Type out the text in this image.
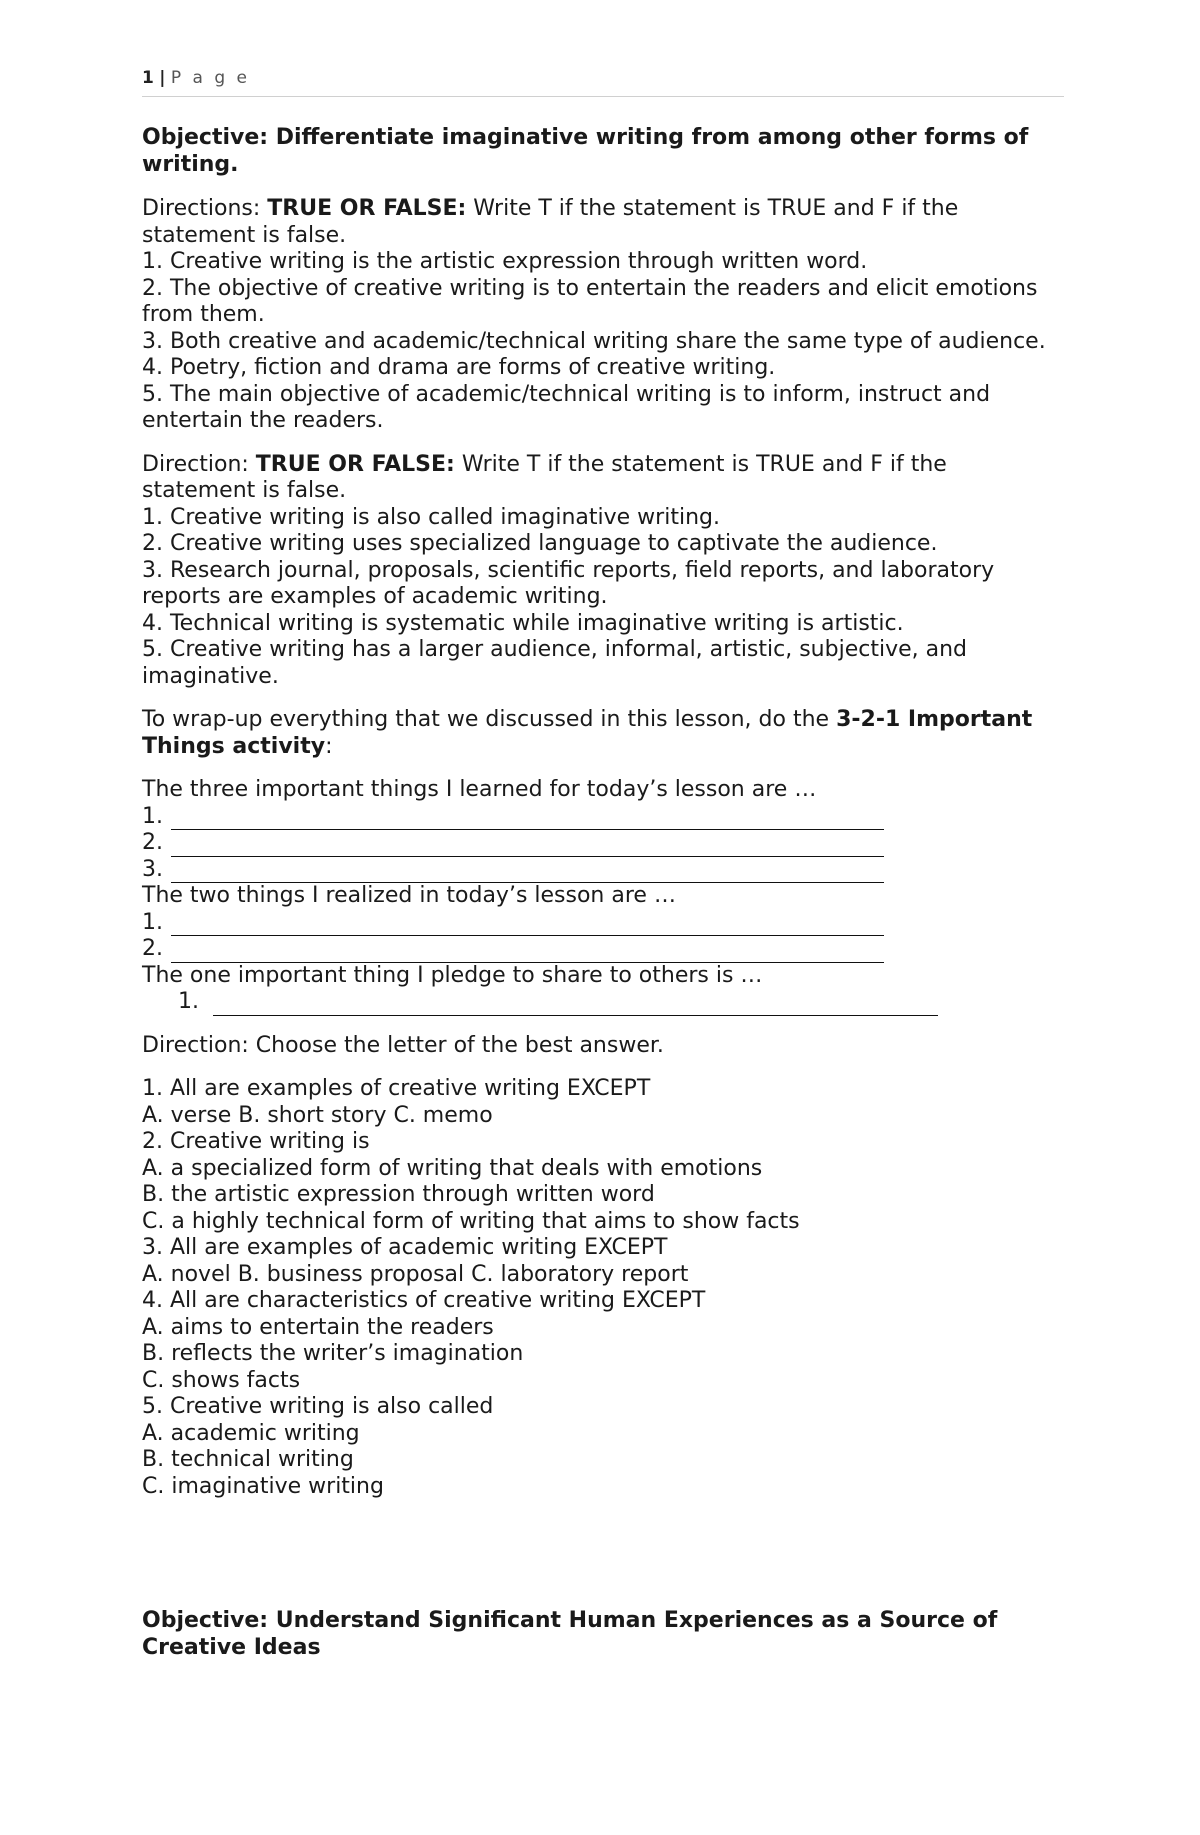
1 | P a g e
Objective: Differentiate imaginative writing from among other forms of writing.
Directions: TRUE OR FALSE: Write T if the statement is TRUE and F if the statement is false.
1. Creative writing is the artistic expression through written word.
2. The objective of creative writing is to entertain the readers and elicit emotions from them.
3. Both creative and academic/technical writing share the same type of audience.
4. Poetry, fiction and drama are forms of creative writing.
5. The main objective of academic/technical writing is to inform, instruct and entertain the readers.
Direction: TRUE OR FALSE: Write T if the statement is TRUE and F if the statement is false.
1. Creative writing is also called imaginative writing.
2. Creative writing uses specialized language to captivate the audience.
3. Research journal, proposals, scientific reports, field reports, and laboratory reports are examples of academic writing.
4. Technical writing is systematic while imaginative writing is artistic.
5. Creative writing has a larger audience, informal, artistic, subjective, and imaginative.
To wrap-up everything that we discussed in this lesson, do the 3-2-1 Important Things activity:
The three important things I learned for today’s lesson are …
1.
2.
3.
The two things I realized in today’s lesson are …
1.
2.
The one important thing I pledge to share to others is …
1.
Direction: Choose the letter of the best answer.
1. All are examples of creative writing EXCEPT
A. verse B. short story C. memo
2. Creative writing is
A. a specialized form of writing that deals with emotions
B. the artistic expression through written word
C. a highly technical form of writing that aims to show facts
3. All are examples of academic writing EXCEPT
A. novel B. business proposal C. laboratory report
4. All are characteristics of creative writing EXCEPT
A. aims to entertain the readers
B. reflects the writer’s imagination
C. shows facts
5. Creative writing is also called
A. academic writing
B. technical writing
C. imaginative writing
Objective: Understand Significant Human Experiences as a Source of Creative Ideas
